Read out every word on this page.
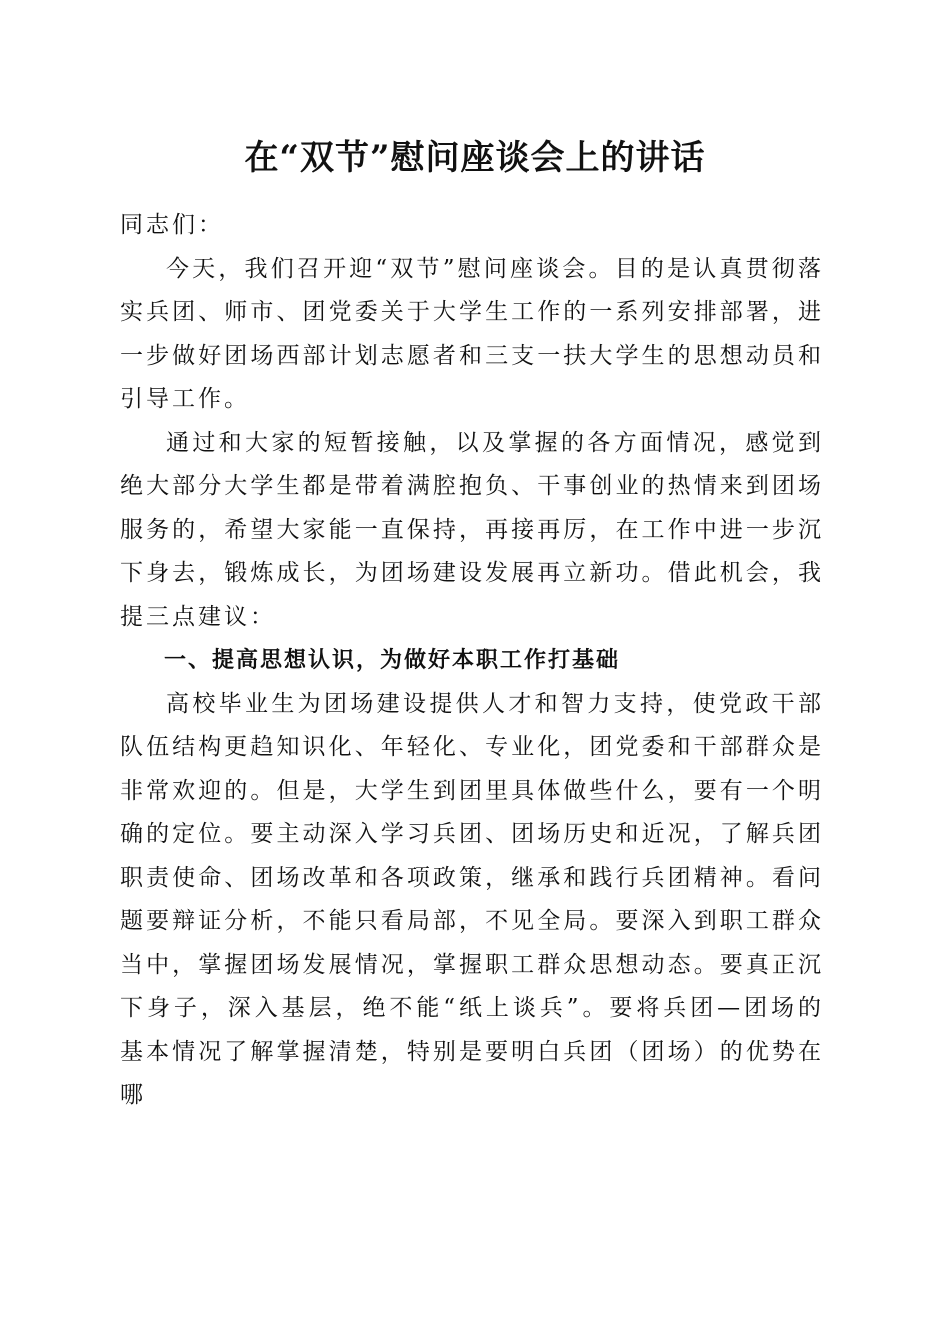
在“双节”慰问座谈会上的讲话

同志们：

今天，我们召开迎“双节”慰问座谈会。目的是认真贯彻落实兵团、师市、团党委关于大学生工作的一系列安排部署，进一步做好团场西部计划志愿者和三支一扶大学生的思想动员和引导工作。

通过和大家的短暂接触，以及掌握的各方面情况，感觉到绝大部分大学生都是带着满腔抱负、干事创业的热情来到团场服务的，希望大家能一直保持，再接再厉，在工作中进一步沉下身去，锻炼成长，为团场建设发展再立新功。借此机会，我提三点建议：

一、提高思想认识，为做好本职工作打基础

高校毕业生为团场建设提供人才和智力支持，使党政干部队伍结构更趋知识化、年轻化、专业化，团党委和干部群众是非常欢迎的。但是，大学生到团里具体做些什么，要有一个明确的定位。要主动深入学习兵团、团场历史和近况，了解兵团职责使命、团场改革和各项政策，继承和践行兵团精神。看问题要辩证分析，不能只看局部，不见全局。要深入到职工群众当中，掌握团场发展情况，掌握职工群众思想动态。要真正沉下身子，深入基层，绝不能“纸上谈兵”。要将兵团—团场的基本情况了解掌握清楚，特别是要明白兵团（团场）的优势在哪
